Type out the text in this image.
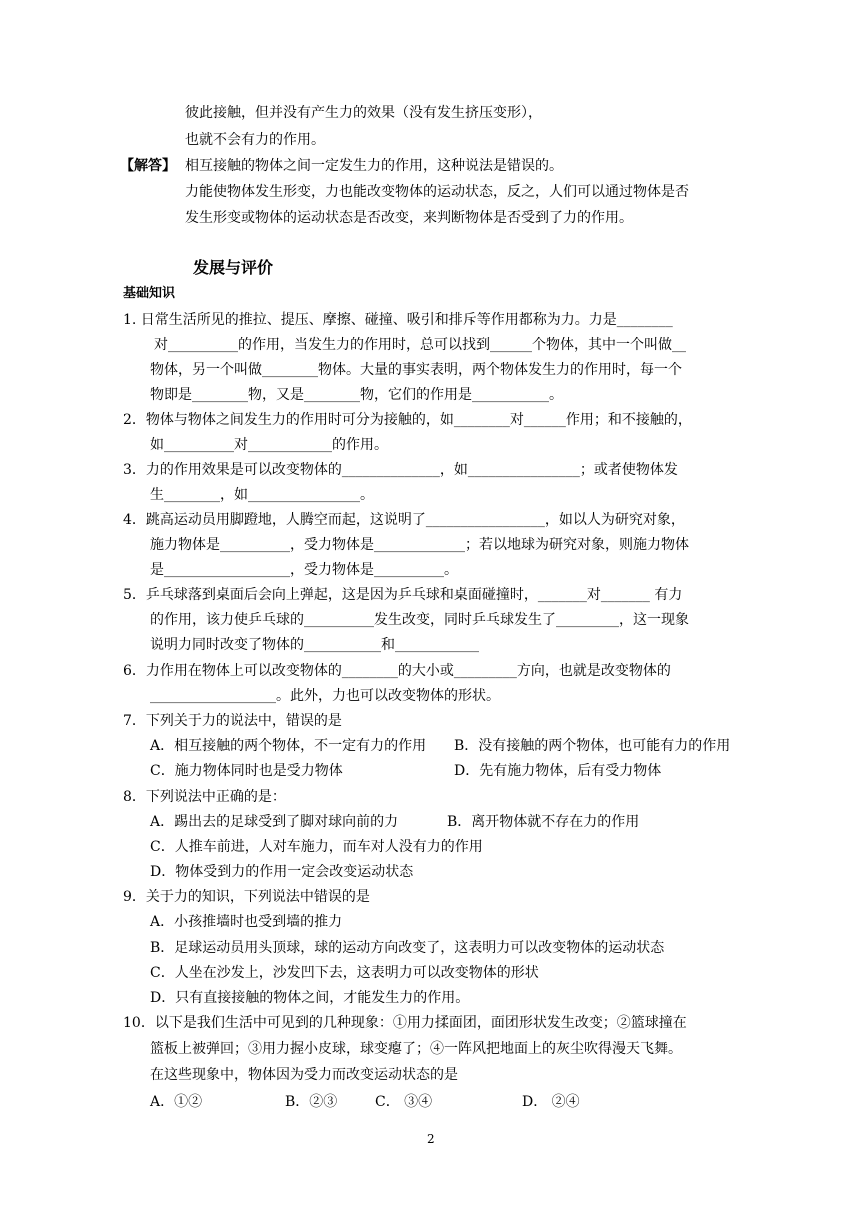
彼此接触，但并没有产生力的效果（没有发生挤压变形），
也就不会有力的作用。
【解答】 相互接触的物体之间一定发生力的作用，这种说法是错误的。
力能使物体发生形变，力也能改变物体的运动状态，反之，人们可以通过物体是否
发生形变或物体的运动状态是否改变，来判断物体是否受到了力的作用。
发展与评价
基础知识
1. 日常生活所见的推拉、提压、摩擦、碰撞、吸引和排斥等作用都称为力。力是________
对__________的作用，当发生力的作用时，总可以找到______个物体，其中一个叫做__
物体，另一个叫做________物体。大量的事实表明，两个物体发生力的作用时，每一个
物即是________物，又是________物，它们的作用是___________。
2．物体与物体之间发生力的作用时可分为接触的，如________对______作用；和不接触的，
如__________对____________的作用。
3．力的作用效果是可以改变物体的______________，如________________；或者使物体发
生________，如________________。
4．跳高运动员用脚蹬地，人腾空而起，这说明了_________________，如以人为研究对象，
施力物体是__________，受力物体是_____________；若以地球为研究对象，则施力物体
是__________________，受力物体是__________。
5．乒乓球落到桌面后会向上弹起，这是因为乒乓球和桌面碰撞时，_______对_______ 有力
的作用，该力使乒乓球的__________发生改变，同时乒乓球发生了_________，这一现象
说明力同时改变了物体的___________和____________
6．力作用在物体上可以改变物体的________的大小或_________方向，也就是改变物体的
__________________。此外，力也可以改变物体的形状。
7．下列关于力的说法中，错误的是
A．相互接触的两个物体，不一定有力的作用 B．没有接触的两个物体，也可能有力的作用
C．施力物体同时也是受力物体	D．先有施力物体，后有受力物体
8．下列说法中正确的是：
A．踢出去的足球受到了脚对球向前的力	B．离开物体就不存在力的作用
C．人推车前进，人对车施力，而车对人没有力的作用
D．物体受到力的作用一定会改变运动状态
9．关于力的知识，下列说法中错误的是
A．小孩推墙时也受到墙的推力
B．足球运动员用头顶球，球的运动方向改变了，这表明力可以改变物体的运动状态
C．人坐在沙发上，沙发凹下去，这表明力可以改变物体的形状
D．只有直接接触的物体之间，才能发生力的作用。
10．以下是我们生活中可见到的几种现象：①用力揉面团，面团形状发生改变；②篮球撞在
篮板上被弹回；③用力握小皮球，球变瘪了；④一阵风把地面上的灰尘吹得漫天飞舞。
在这些现象中，物体因为受力而改变运动状态的是
A．①②	B．②③	C． ③④	D． ②④
2
